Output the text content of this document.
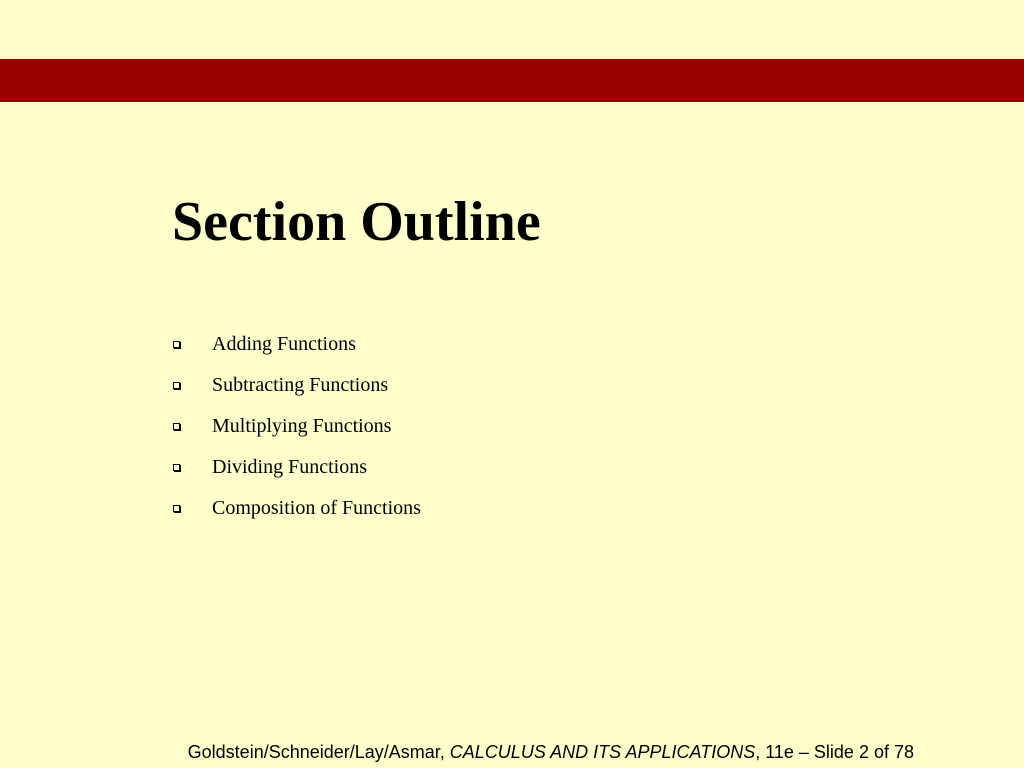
Section Outline
Adding Functions
Subtracting Functions
Multiplying Functions
Dividing Functions
Composition of Functions
Goldstein/Schneider/Lay/Asmar, CALCULUS AND ITS APPLICATIONS, 11e – Slide 2 of 78
